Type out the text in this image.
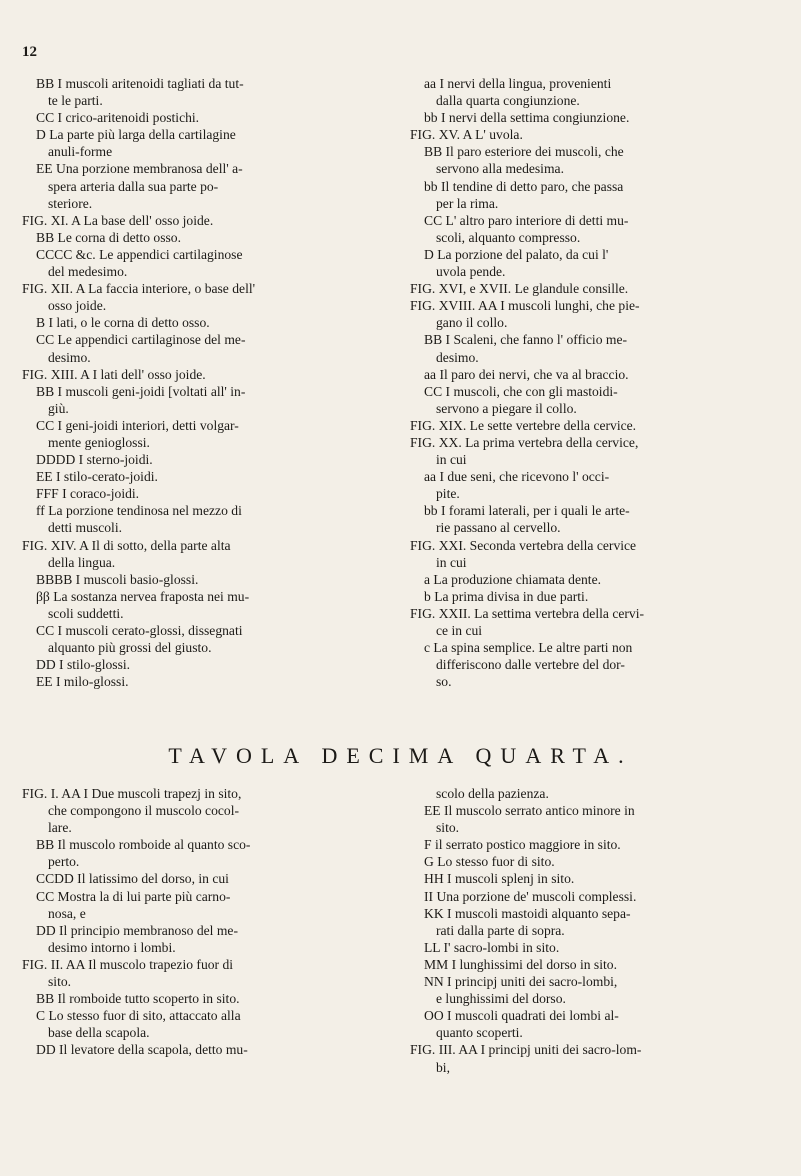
12

BB I muscoli aritenoidi tagliati da tut-

te le parti.

CC I crico-aritenoidi postichi.

D La parte più larga della cartilagine

anuli-forme

EE Una porzione membranosa dell' a-

spera arteria dalla sua parte po-

steriore.

FIG. XI. A La base dell' osso joide.

BB Le corna di detto osso.

CCCC &c. Le appendici cartilaginose

del medesimo.

FIG. XII. A La faccia interiore, o base dell'

osso joide.

B I lati, o le corna di detto osso.

CC Le appendici cartilaginose del me-

desimo.

FIG. XIII. A I lati dell' osso joide.

BB I muscoli geni-joidi [voltati all' in-

giù.

CC I geni-joidi interiori, detti volgar-

mente genioglossi.

DDDD I sterno-joidi.

EE I stilo-cerato-joidi.

FFF I coraco-joidi.

ff La porzione tendinosa nel mezzo di

detti muscoli.

FIG. XIV. A Il di sotto, della parte alta

della lingua.

BBBB I muscoli basio-glossi.

ββ La sostanza nervea fraposta nei mu-

scoli suddetti.

CC I muscoli cerato-glossi, dissegnati

alquanto più grossi del giusto.

DD I stilo-glossi.

EE I milo-glossi.

aa I nervi della lingua, provenienti

dalla quarta congiunzione.

bb I nervi della settima congiunzione.

FIG. XV. A L' uvola.

BB Il paro esteriore dei muscoli, che

servono alla medesima.

bb Il tendine di detto paro, che passa

per la rima.

CC L' altro paro interiore di detti mu-

scoli, alquanto compresso.

D La porzione del palato, da cui l'

uvola pende.

FIG. XVI, e XVII. Le glandule consille.

FIG. XVIII. AA I muscoli lunghi, che pie-

gano il collo.

BB I Scaleni, che fanno l' officio me-

desimo.

aa Il paro dei nervi, che va al braccio.

CC I muscoli, che con gli mastoidi-

servono a piegare il collo.

FIG. XIX. Le sette vertebre della cervice.

FIG. XX. La prima vertebra della cervice,

in cui

aa I due seni, che ricevono l' occi-

pite.

bb I forami laterali, per i quali le arte-

rie passano al cervello.

FIG. XXI. Seconda vertebra della cervice

in cui

a La produzione chiamata dente.

b La prima divisa in due parti.

FIG. XXII. La settima vertebra della cervi-

ce in cui

c La spina semplice. Le altre parti non

differiscono dalle vertebre del dor-

so.

TAVOLA DECIMA QUARTA.

FIG. I. AA I Due muscoli trapezj in sito,

che compongono il muscolo cocol-

lare.

BB Il muscolo romboide al quanto sco-

perto.

CCDD Il latissimo del dorso, in cui

CC Mostra la di lui parte più carno-

nosa, e

DD Il principio membranoso del me-

desimo intorno i lombi.

FIG. II. AA Il muscolo trapezio fuor di

sito.

BB Il romboide tutto scoperto in sito.

C Lo stesso fuor di sito, attaccato alla

base della scapola.

DD Il levatore della scapola, detto mu-

scolo della pazienza.

EE Il muscolo serrato antico minore in

sito.

F il serrato postico maggiore in sito.

G Lo stesso fuor di sito.

HH I muscoli splenj in sito.

II Una porzione de' muscoli complessi.

KK I muscoli mastoidi alquanto sepa-

rati dalla parte di sopra.

LL I' sacro-lombi in sito.

MM I lunghissimi del dorso in sito.

NN I principj uniti dei sacro-lombi,

e lunghissimi del dorso.

OO I muscoli quadrati dei lombi al-

quanto scoperti.

FIG. III. AA I principj uniti dei sacro-lom-

bi,
